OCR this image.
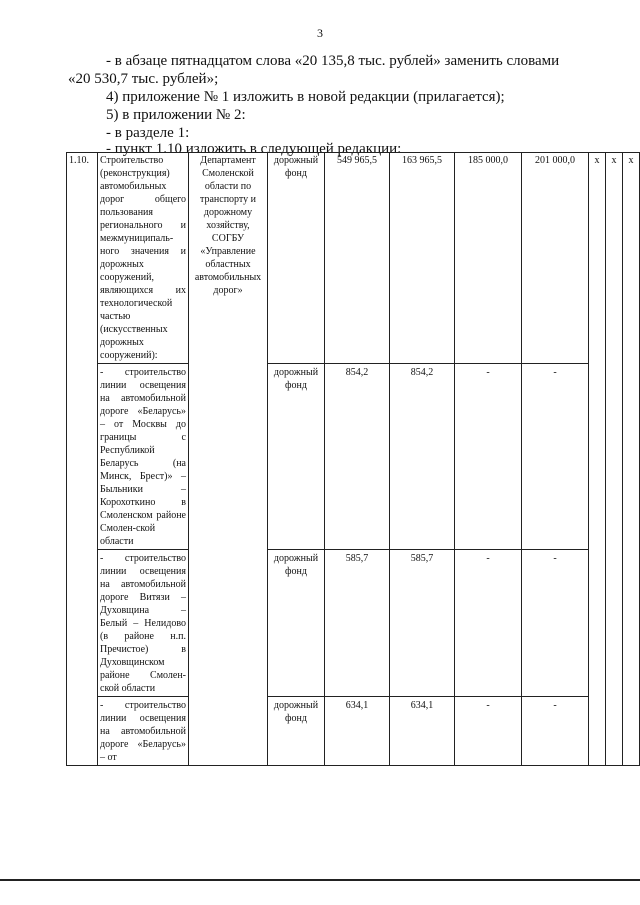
3
- в абзаце пятнадцатом слова «20 135,8 тыс. рублей» заменить словами
«20 530,7 тыс. рублей»;
4) приложение № 1 изложить в новой редакции (прилагается);
5) в приложении № 2:
- в разделе 1:
- пункт 1.10 изложить в следующей редакции:
1.10.	Строительство (реконструкция) автомобильных дорог общего пользования регионального и межмуниципаль-ного значения и дорожных сооружений, являющихся их технологической частью (искусственных дорожных сооружений):	Департамент Смоленской области по транспорту и дорожному хозяйству, СОГБУ «Управление областных автомобильных дорог»	дорожный фонд	549 965,5	163 965,5	185 000,0	201 000,0	x	x	x
	- строительство линии освещения на автомобильной дороге «Беларусь» – от Москвы до границы с Республикой Беларусь (на Минск, Брест)» – Быльники – Корохоткино в Смоленском районе Смолен-ской области		дорожный фонд	854,2	854,2	-	-			
	- строительство линии освещения на автомобильной дороге Витязи – Духовщина – Белый – Нелидово (в районе н.п. Пречистое) в Духовщинском районе Смолен-ской области		дорожный фонд	585,7	585,7	-	-			
	- строительство линии освещения на автомобильной дороге «Беларусь» – от		дорожный фонд	634,1	634,1	-	-			
